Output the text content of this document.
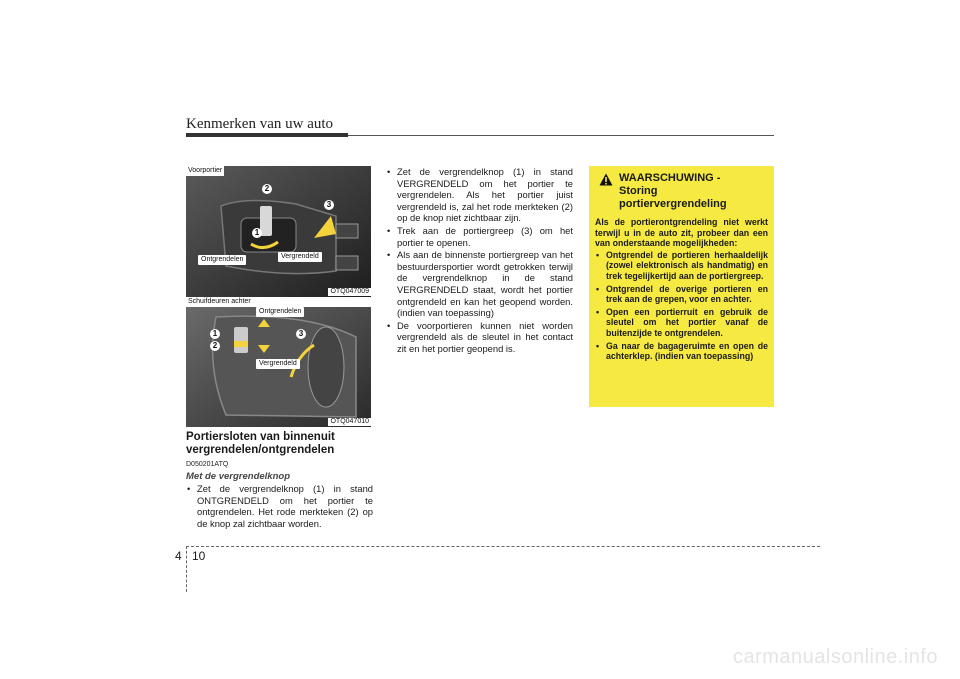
Kenmerken van uw auto
1
2
3
Ontgrendelen	Vergrendeld
OTQ047009
Voorportier
Schuifdeuren achter
1
2
3
Ontgrendelen
Vergrendeld
OTQ047010
Portiersloten van binnenuit vergrendelen/ontgrendelen
D050201ATQ
Met de vergrendelknop
• Zet de vergrendelknop (1) in stand ONTGRENDELD om het portier te ontgrendelen. Het rode merkteken (2) op de knop zal zichtbaar worden.
• Zet de vergrendelknop (1) in stand VERGRENDELD om het portier te vergrendelen. Als het portier juist vergrendeld is, zal het rode merkteken (2) op de knop niet zichtbaar zijn.
• Trek aan de portiergreep (3) om het portier te openen.
• Als aan de binnenste portiergreep van het bestuurdersportier wordt getrokken terwijl de vergrendelknop in de stand VERGRENDELD staat, wordt het portier ontgrendeld en kan het geopend worden. (indien van toepassing)
• De voorportieren kunnen niet worden vergrendeld als de sleutel in het contact zit en het portier geopend is.
WAARSCHUWING -
Storing portiervergrendeling
Als de portierontgrendeling niet werkt terwijl u in de auto zit, probeer dan een van onderstaande mogelijkheden:
• Ontgrendel de portieren herhaaldelijk (zowel elektronisch als handmatig) en trek tegelijkertijd aan de portiergreep.
• Ontgrendel de overige portieren en trek aan de grepen, voor en achter.
• Open een portierruit en gebruik de sleutel om het portier vanaf de buitenzijde te ontgrendelen.
• Ga naar de bagageruimte en open de achterklep. (indien van toepassing)
4 10
carmanualsonline.info
